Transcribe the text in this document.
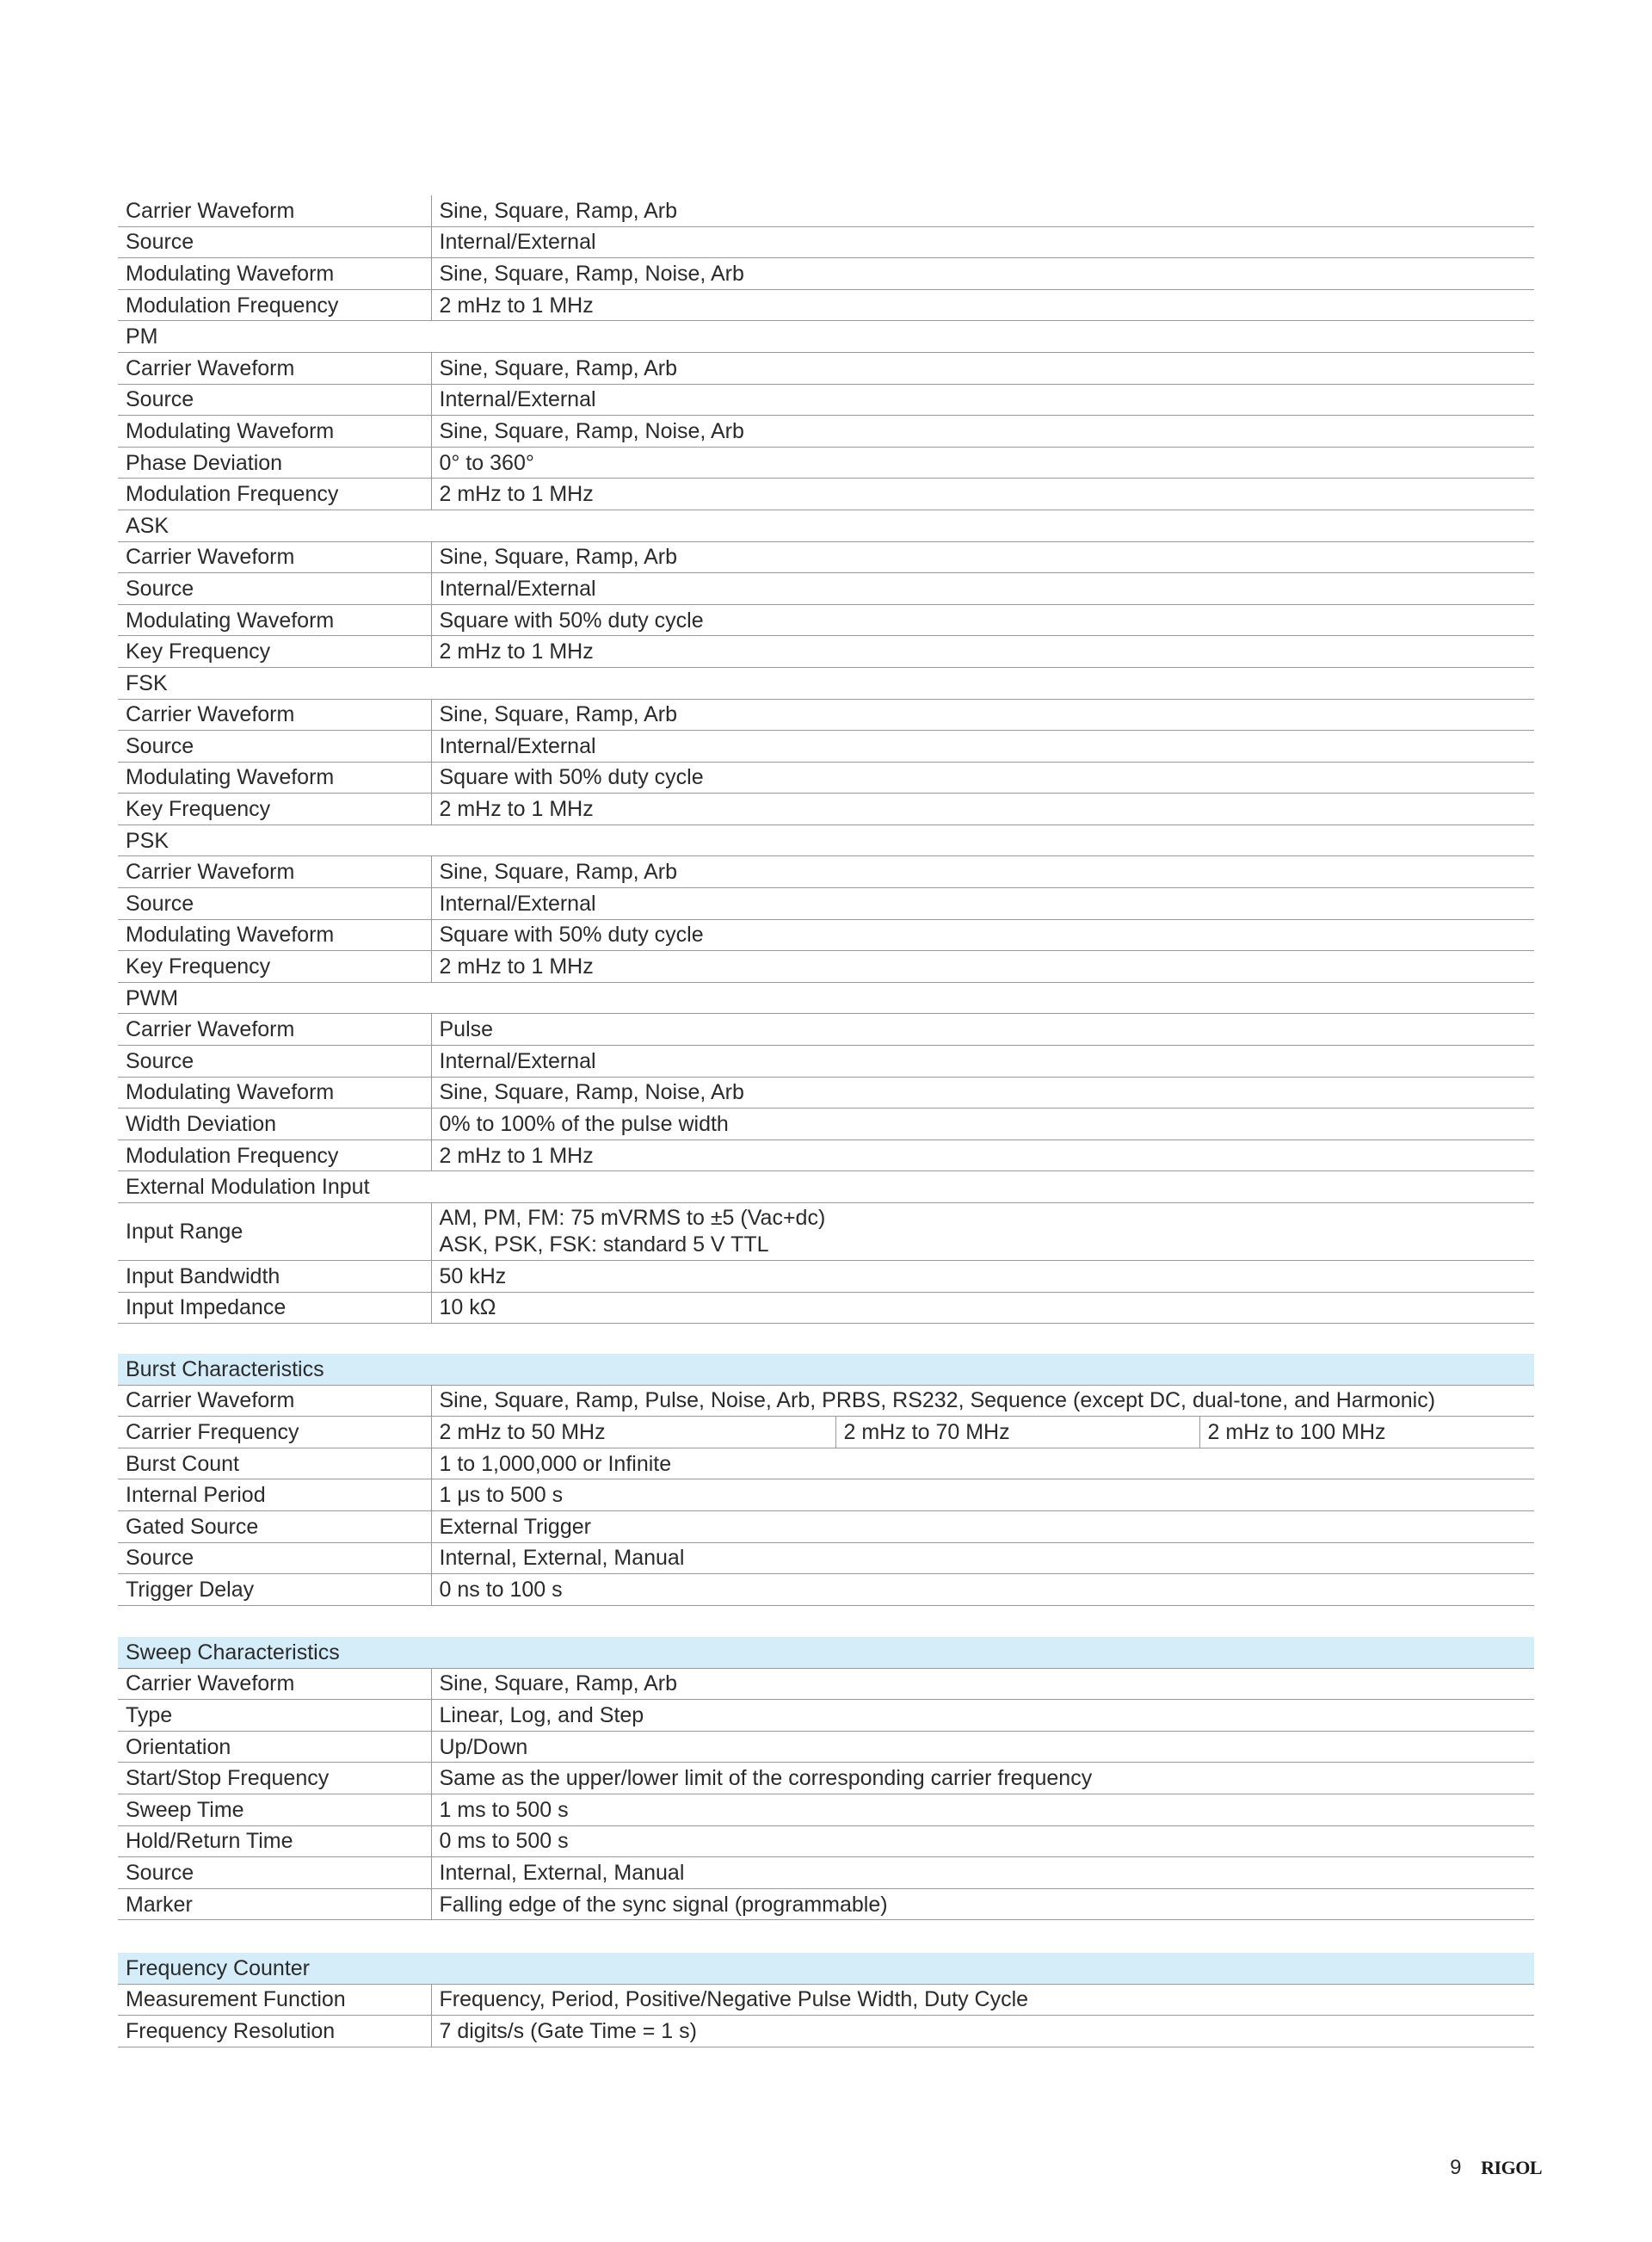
Carrier Waveform	Sine, Square, Ramp, Arb
Source	Internal/External
Modulating Waveform	Sine, Square, Ramp, Noise, Arb
Modulation Frequency	2 mHz to 1 MHz
PM	
Carrier Waveform	Sine, Square, Ramp, Arb
Source	Internal/External
Modulating Waveform	Sine, Square, Ramp, Noise, Arb
Phase Deviation	0° to 360°
Modulation Frequency	2 mHz to 1 MHz
ASK	
Carrier Waveform	Sine, Square, Ramp, Arb
Source	Internal/External
Modulating Waveform	Square with 50% duty cycle
Key Frequency	2 mHz to 1 MHz
FSK	
Carrier Waveform	Sine, Square, Ramp, Arb
Source	Internal/External
Modulating Waveform	Square with 50% duty cycle
Key Frequency	2 mHz to 1 MHz
PSK	
Carrier Waveform	Sine, Square, Ramp, Arb
Source	Internal/External
Modulating Waveform	Square with 50% duty cycle
Key Frequency	2 mHz to 1 MHz
PWM	
Carrier Waveform	Pulse
Source	Internal/External
Modulating Waveform	Sine, Square, Ramp, Noise, Arb
Width Deviation	0% to 100% of the pulse width
Modulation Frequency	2 mHz to 1 MHz
External Modulation Input	
Input Range	AM, PM, FM: 75 mVRMS to ±5 (Vac+dc)
ASK, PSK, FSK: standard 5 V TTL

Input Bandwidth	50 kHz
Input Impedance	10 kΩ
Burst Characteristics			
Carrier Waveform	Sine, Square, Ramp, Pulse, Noise, Arb, PRBS, RS232, Sequence (except DC, dual-tone, and Harmonic)		
Carrier Frequency	2 mHz to 50 MHz	2 mHz to 70 MHz	2 mHz to 100 MHz
Burst Count	1 to 1,000,000 or Infinite		
Internal Period	1 μs to 500 s		
Gated Source	External Trigger		
Source	Internal, External, Manual		
Trigger Delay	0 ns to 100 s		
Sweep Characteristics	
Carrier Waveform	Sine, Square, Ramp, Arb
Type	Linear, Log, and Step
Orientation	Up/Down
Start/Stop Frequency	Same as the upper/lower limit of the corresponding carrier frequency
Sweep Time	1 ms to 500 s
Hold/Return Time	0 ms to 500 s
Source	Internal, External, Manual
Marker	Falling edge of the sync signal (programmable)
Frequency Counter	
Measurement Function	Frequency, Period, Positive/Negative Pulse Width, Duty Cycle
Frequency Resolution	7 digits/s (Gate Time = 1 s)
9 RIGOL
